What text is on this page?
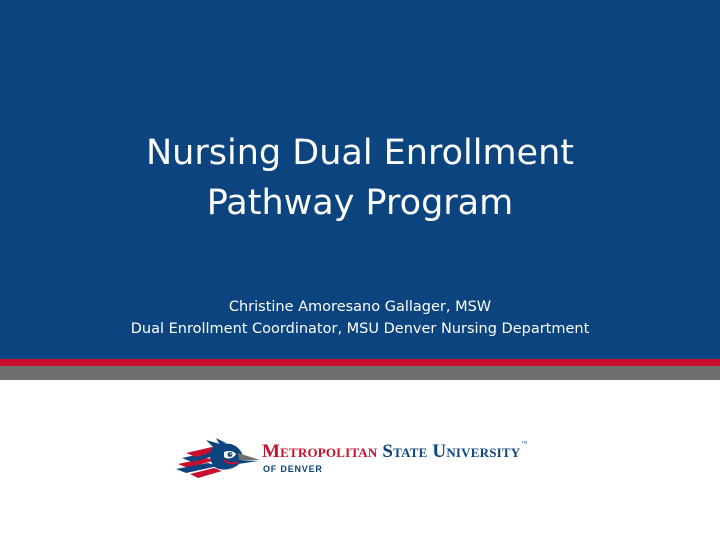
Nursing Dual Enrollment
Pathway Program
Christine Amoresano Gallager, MSW
Dual Enrollment Coordinator, MSU Denver Nursing Department
Metropolitan State University™
OF DENVER
